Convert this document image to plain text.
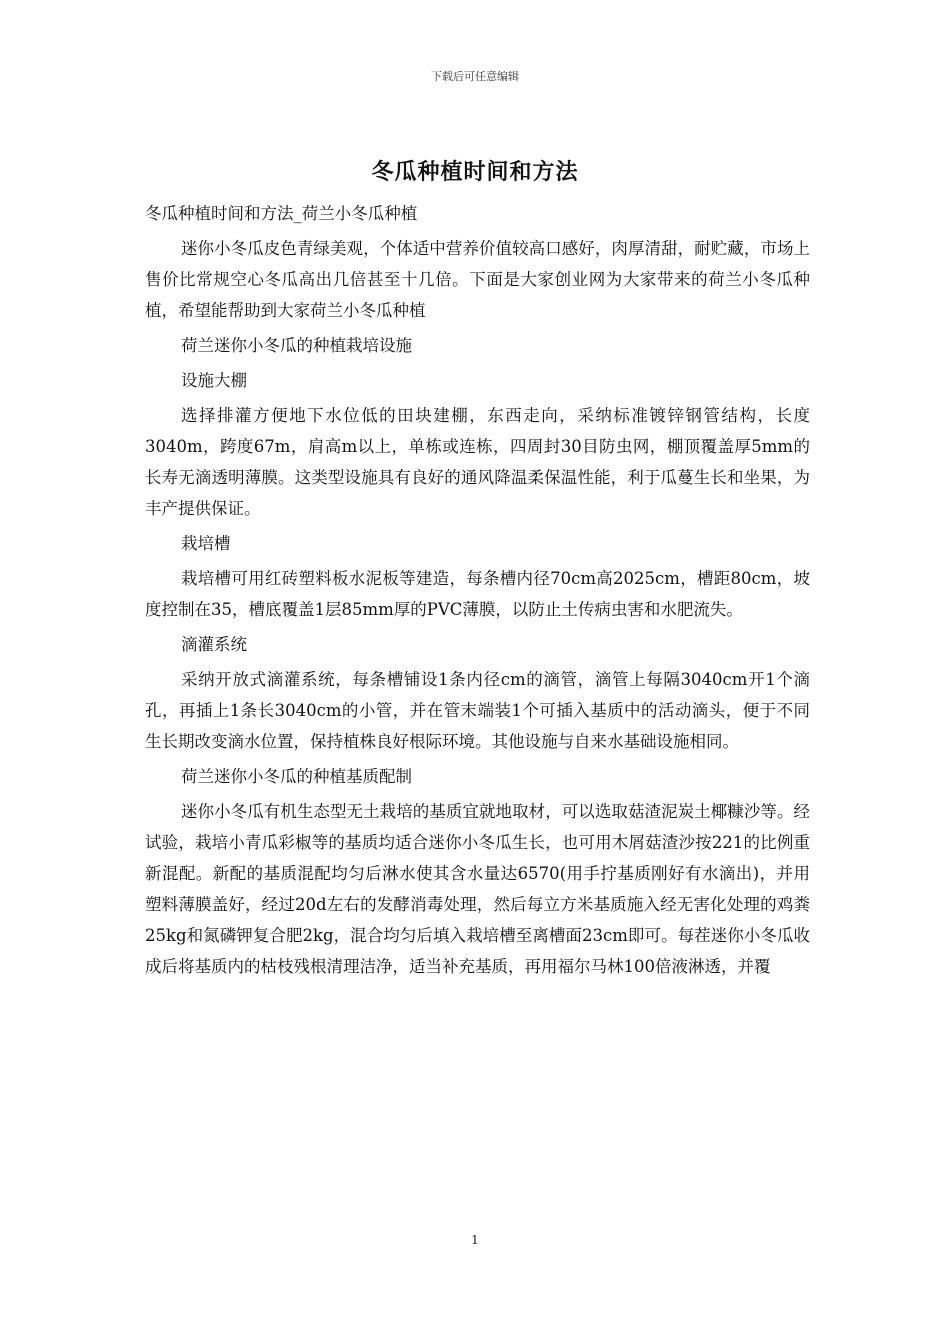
下载后可任意编辑
冬瓜种植时间和方法

冬瓜种植时间和方法_荷兰小冬瓜种植

迷你小冬瓜皮色青绿美观，个体适中营养价值较高口感好，肉厚清甜，耐贮藏，市场上售价比常规空心冬瓜高出几倍甚至十几倍。下面是大家创业网为大家带来的荷兰小冬瓜种植，希望能帮助到大家荷兰小冬瓜种植

荷兰迷你小冬瓜的种植栽培设施

设施大棚

选择排灌方便地下水位低的田块建棚，东西走向，采纳标准镀锌钢管结构，长度3040m，跨度67m，肩高m以上，单栋或连栋，四周封30目防虫网，棚顶覆盖厚5mm的长寿无滴透明薄膜。这类型设施具有良好的通风降温柔保温性能，利于瓜蔓生长和坐果，为丰产提供保证。

栽培槽

栽培槽可用红砖塑料板水泥板等建造，每条槽内径70cm高2025cm，槽距80cm，坡度控制在35，槽底覆盖1层85mm厚的PVC薄膜，以防止土传病虫害和水肥流失。

滴灌系统

采纳开放式滴灌系统，每条槽铺设1条内径cm的滴管，滴管上每隔3040cm开1个滴孔，再插上1条长3040cm的小管，并在管末端装1个可插入基质中的活动滴头，便于不同生长期改变滴水位置，保持植株良好根际环境。其他设施与自来水基础设施相同。

荷兰迷你小冬瓜的种植基质配制

迷你小冬瓜有机生态型无土栽培的基质宜就地取材，可以选取菇渣泥炭土椰糠沙等。经试验，栽培小青瓜彩椒等的基质均适合迷你小冬瓜生长，也可用木屑菇渣沙按221的比例重新混配。新配的基质混配均匀后淋水使其含水量达6570(用手拧基质刚好有水滴出)，并用塑料薄膜盖好，经过20d左右的发酵消毒处理，然后每立方米基质施入经无害化处理的鸡粪25kg和氮磷钾复合肥2kg，混合均匀后填入栽培槽至离槽面23cm即可。每茬迷你小冬瓜收成后将基质内的枯枝残根清理洁净，适当补充基质，再用福尔马林100倍液淋透，并覆

1
